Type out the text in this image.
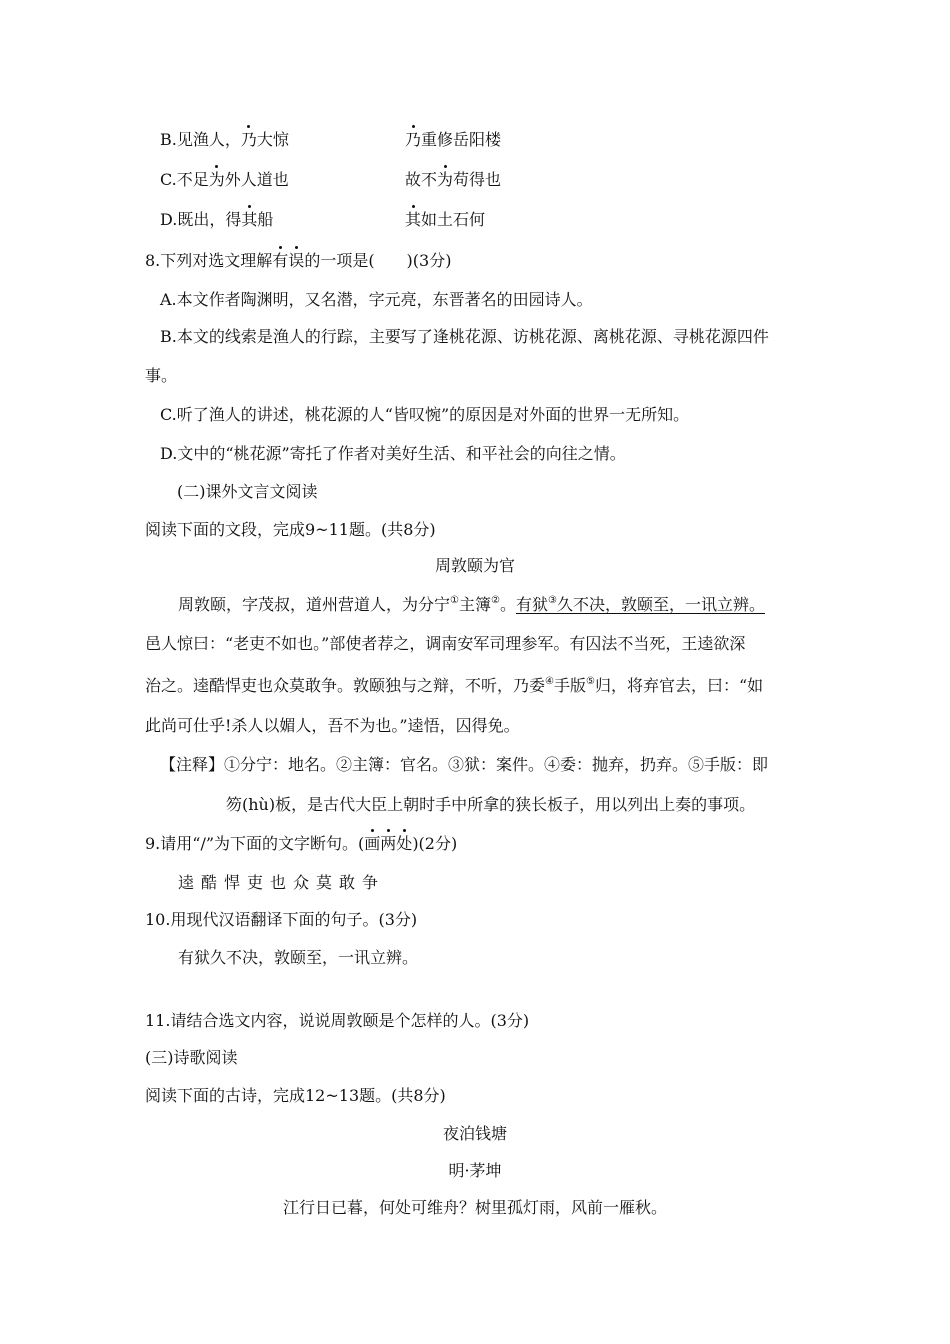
B.见渔人，乃大惊	乃重修岳阳楼
C.不足为外人道也	故不为苟得也
D.既出，得其船	其如土石何
8.下列对选文理解有误的一项是(　　)(3分)
A.本文作者陶渊明，又名潜，字元亮，东晋著名的田园诗人。
B.本文的线索是渔人的行踪，主要写了逢桃花源、访桃花源、离桃花源、寻桃花源四件
事。
C.听了渔人的讲述，桃花源的人“皆叹惋”的原因是对外面的世界一无所知。
D.文中的“桃花源”寄托了作者对美好生活、和平社会的向往之情。
(二)课外文言文阅读
阅读下面的文段，完成9~11题。(共8分)
周敦颐为官
周敦颐，字茂叔，道州营道人，为分宁①主簿②。有狱③久不决，敦颐至，一讯立辨。
邑人惊曰：“老吏不如也。”部使者荐之，调南安军司理参军。有囚法不当死，王逵欲深
治之。逵酷悍吏也众莫敢争。敦颐独与之辩，不听，乃委④手版⑤归，将弃官去，曰：“如
此尚可仕乎!杀人以媚人，吾不为也。”逵悟，囚得免。
【注释】①分宁：地名。②主簿：官名。③狱：案件。④委：抛弃，扔弃。⑤手版：即
笏(hù)板，是古代大臣上朝时手中所拿的狭长板子，用以列出上奏的事项。
9.请用“/”为下面的文字断句。(画两处)(2分)
逵酷悍吏也众莫敢争
10.用现代汉语翻译下面的句子。(3分)
有狱久不决，敦颐至，一讯立辨。
11.请结合选文内容，说说周敦颐是个怎样的人。(3分)
(三)诗歌阅读
阅读下面的古诗，完成12~13题。(共8分)
夜泊钱塘
明·茅坤
江行日已暮，何处可维舟？树里孤灯雨，风前一雁秋。
